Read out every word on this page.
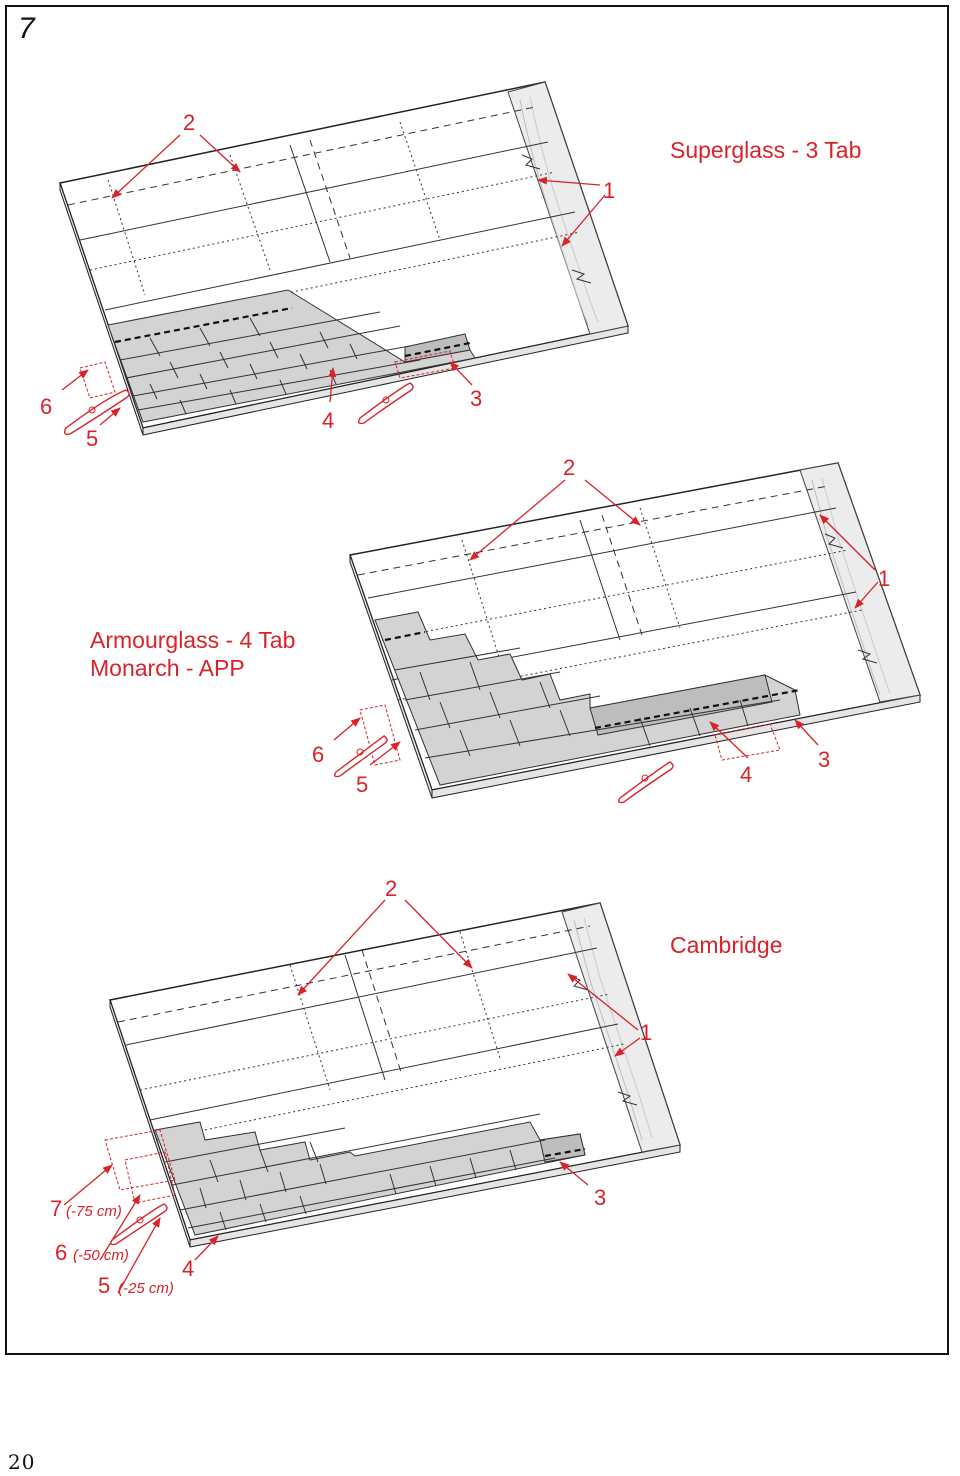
7
20
Superglass - 3 Tab
2
1
3
4
5
6
Armourglass - 4 Tab
Monarch - APP
2
1
3
4
5
6
Cambridge
2
1
3
4
7 (-75 cm)
6 (-50 cm)
5 (-25 cm)
